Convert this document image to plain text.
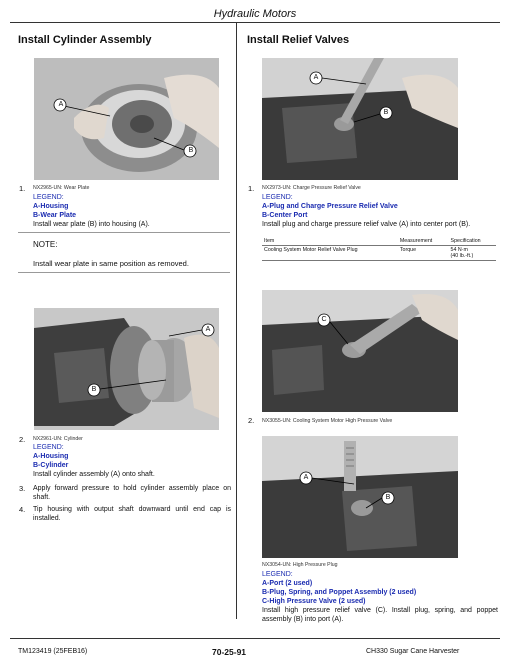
Hydraulic Motors
Install Cylinder Assembly
A
B
1. NX2965-UN: Wear Plate
LEGEND:
A-Housing
B-Wear Plate
Install wear plate (B) into housing (A).
NOTE:
Install wear plate in same position as removed.
A
B
2. NX2961-UN: Cylinder
LEGEND:
A-Housing
B-Cylinder
Install cylinder assembly (A) onto shaft.
3. Apply forward pressure to hold cylinder assembly place on shaft.
4. Tip housing with output shaft downward until end cap is installed.
Install Relief Valves
A
B
1. NX2973-UN: Charge Pressure Relief Valve
LEGEND:
A-Plug and Charge Pressure Relief Valve
B-Center Port
Install plug and charge pressure relief valve (A) into center port (B).
Item	Measurement	Specification
Cooling System Motor Relief Valve Plug	Torque	54 N·m
(40 lb.-ft.)
C
2. NX3055-UN: Cooling System Motor High Pressure Valve
A
B
NX3054-UN: High Pressure Plug
LEGEND:
A-Port (2 used)
B-Plug, Spring, and Poppet Assembly (2 used)
C-High Pressure Valve (2 used)
Install high pressure relief valve (C). Install plug, spring, and poppet assembly (B) into port (A).
TM123419 (25FEB16)	70-25-91	CH330 Sugar Cane Harvester
